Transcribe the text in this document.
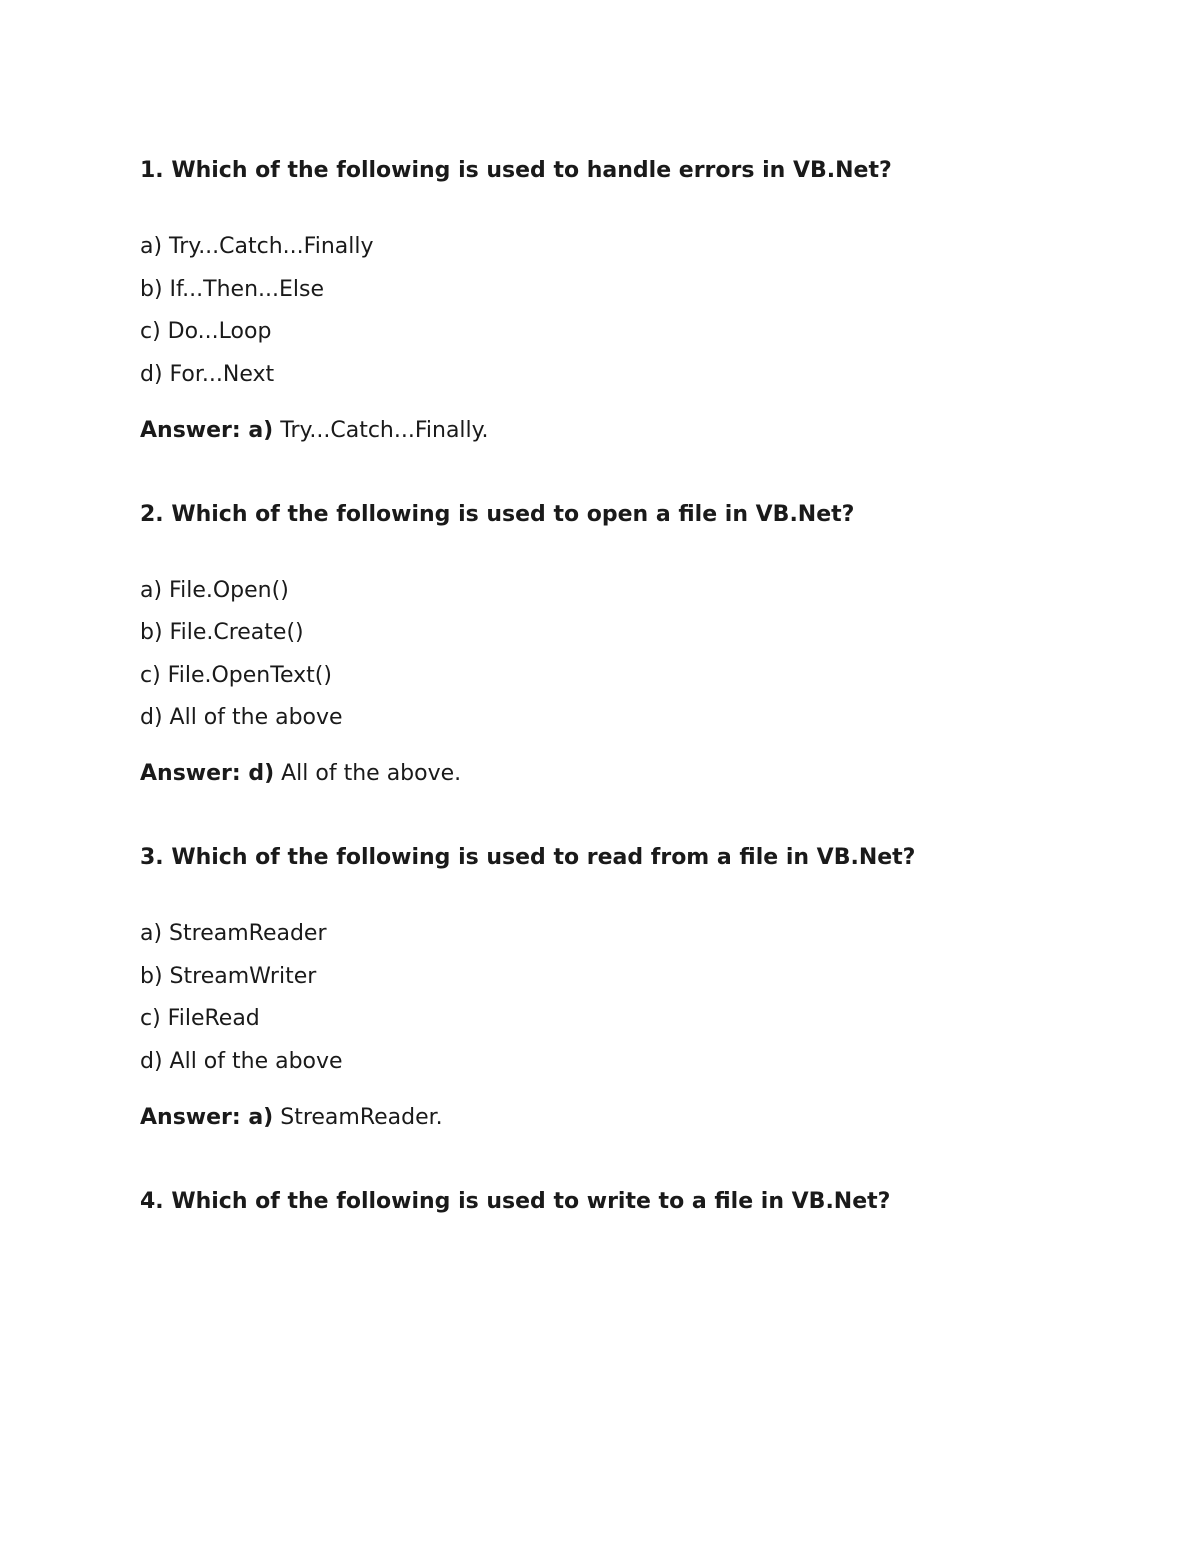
1. Which of the following is used to handle errors in VB.Net?

a) Try...Catch...Finally
b) If...Then...Else
c) Do...Loop
d) For...Next

Answer: a) Try...Catch...Finally.

2. Which of the following is used to open a file in VB.Net?

a) File.Open()
b) File.Create()
c) File.OpenText()
d) All of the above

Answer: d) All of the above.

3. Which of the following is used to read from a file in VB.Net?

a) StreamReader
b) StreamWriter
c) FileRead
d) All of the above

Answer: a) StreamReader.

4. Which of the following is used to write to a file in VB.Net?
